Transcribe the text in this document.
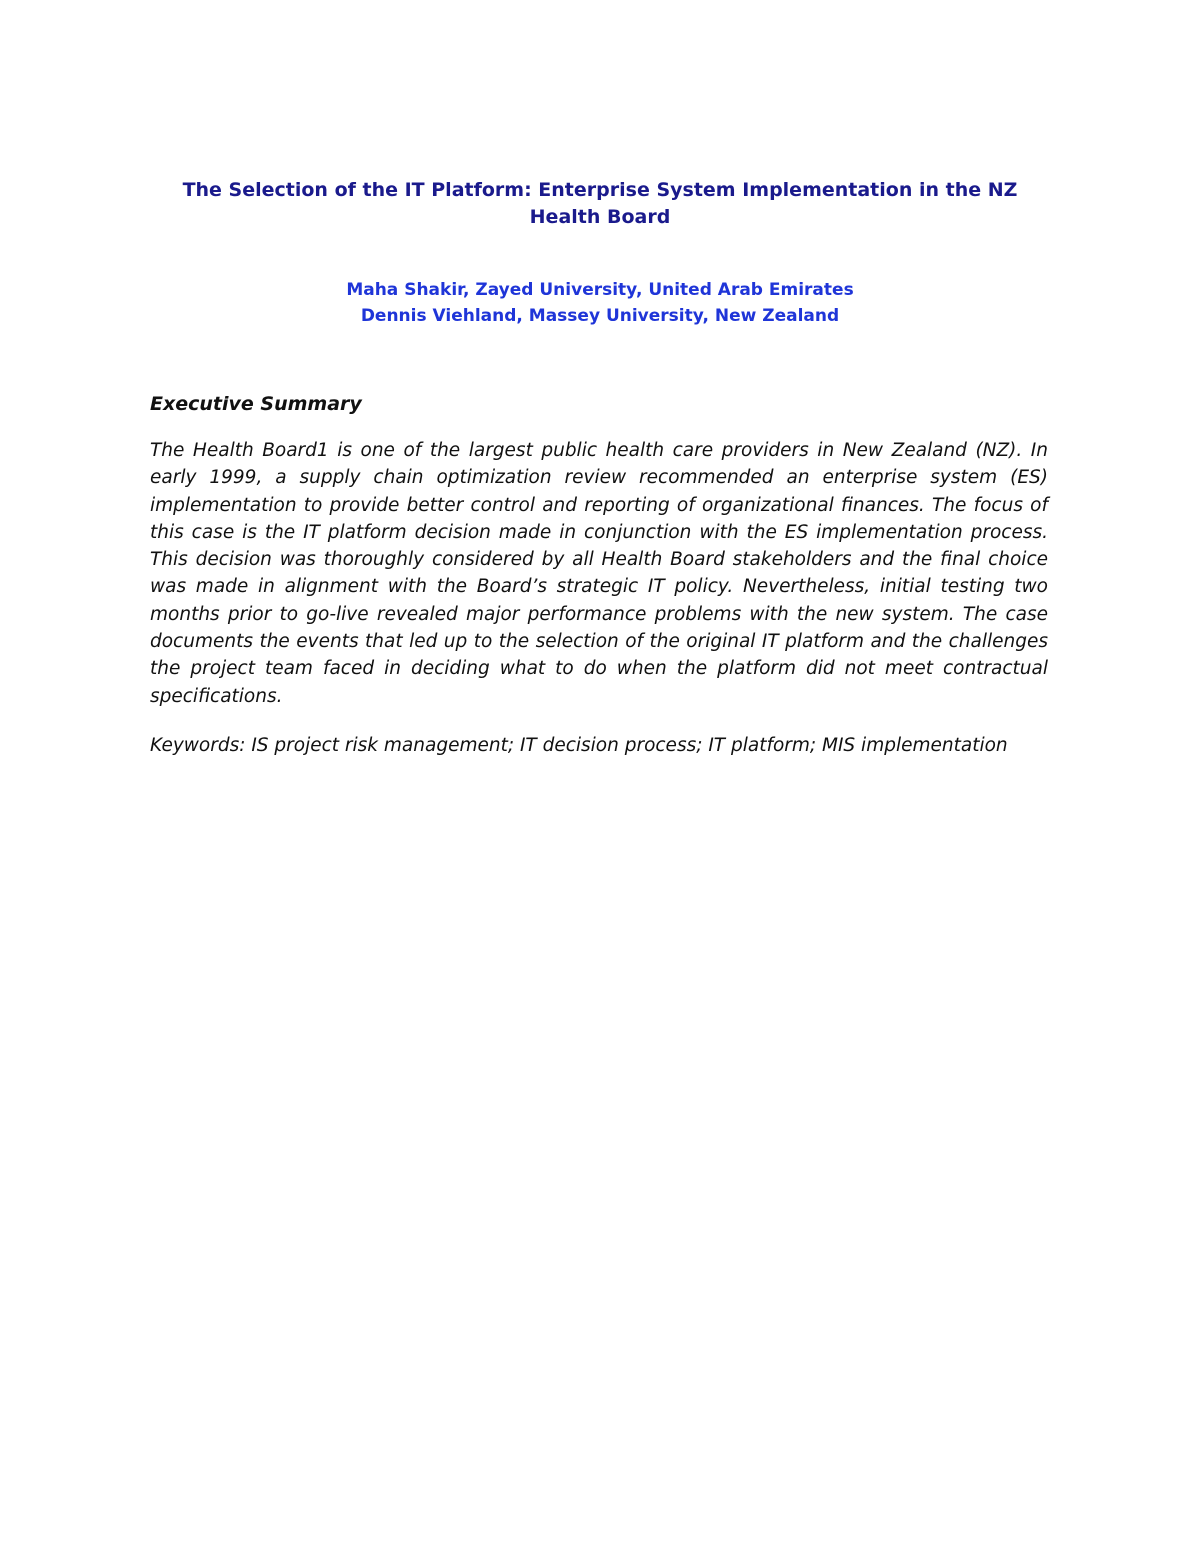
The Selection of the IT Platform: Enterprise System Implementation in the NZ Health Board
Maha Shakir, Zayed University, United Arab Emirates
Dennis Viehland, Massey University, New Zealand
Executive Summary

The Health Board1 is one of the largest public health care providers in New Zealand (NZ). In early 1999, a supply chain optimization review recommended an enterprise system (ES) implementation to provide better control and reporting of organizational finances. The focus of this case is the IT platform decision made in conjunction with the ES implementation process. This decision was thoroughly considered by all Health Board stakeholders and the final choice was made in alignment with the Board’s strategic IT policy. Nevertheless, initial testing two months prior to go-live revealed major performance problems with the new system. The case documents the events that led up to the selection of the original IT platform and the challenges the project team faced in deciding what to do when the platform did not meet contractual specifications.

Keywords: IS project risk management; IT decision process; IT platform; MIS implementation
